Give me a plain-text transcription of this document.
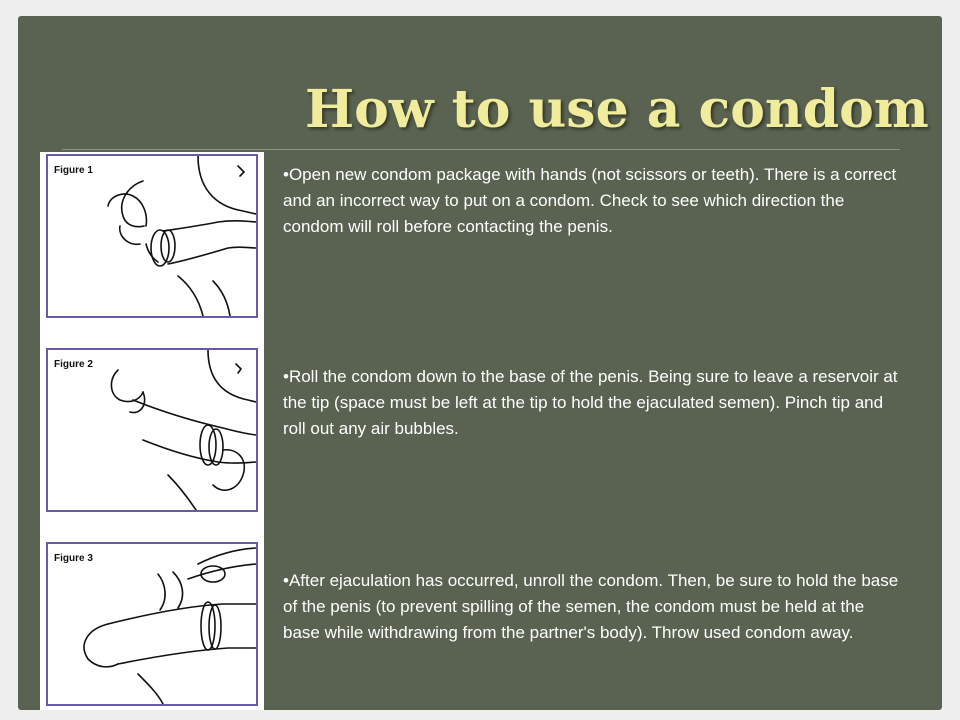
How to use a condom
Figure 1
Figure 2
Figure 3

•Open new condom package with hands (not scissors or teeth). There is a correct and an incorrect way to put on a condom. Check to see which direction the condom will roll before contacting the penis.

•Roll the condom down to the base of the penis. Being sure to leave a reservoir at the tip (space must be left at the tip to hold the ejaculated semen). Pinch tip and roll out any air bubbles.

•After ejaculation has occurred, unroll the condom. Then, be sure to hold the base of the penis (to prevent spilling of the semen, the condom must be held at the base while withdrawing from the partner's body). Throw used condom away.
